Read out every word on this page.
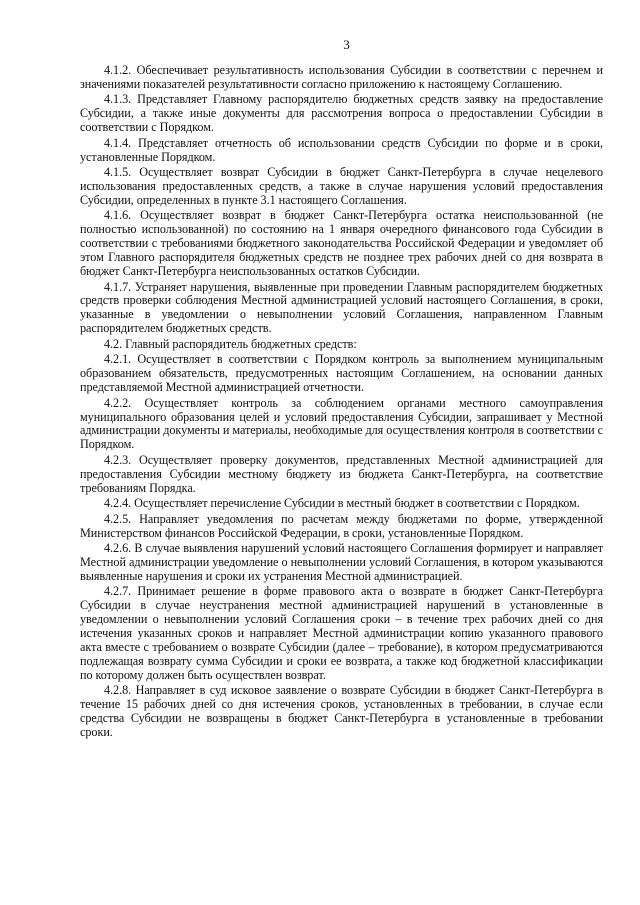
3

4.1.2. Обеспечивает результативность использования Субсидии в соответствии с перечнем и значениями показателей результативности согласно приложению к настоящему Соглашению.

4.1.3. Представляет Главному распорядителю бюджетных средств заявку на предоставление Субсидии, а также иные документы для рассмотрения вопроса о предоставлении Субсидии в соответствии с Порядком.

4.1.4. Представляет отчетность об использовании средств Субсидии по форме и в сроки, установленные Порядком.

4.1.5. Осуществляет возврат Субсидии в бюджет Санкт-Петербурга в случае нецелевого использования предоставленных средств, а также в случае нарушения условий предоставления Субсидии, определенных в пункте 3.1 настоящего Соглашения.

4.1.6. Осуществляет возврат в бюджет Санкт-Петербурга остатка неиспользованной (не полностью использованной) по состоянию на 1 января очередного финансового года Субсидии в соответствии с требованиями бюджетного законодательства Российской Федерации и уведомляет об этом Главного распорядителя бюджетных средств не позднее трех рабочих дней со дня возврата в бюджет Санкт-Петербурга неиспользованных остатков Субсидии.

4.1.7. Устраняет нарушения, выявленные при проведении Главным распорядителем бюджетных средств проверки соблюдения Местной администрацией условий настоящего Соглашения, в сроки, указанные в уведомлении о невыполнении условий Соглашения, направленном Главным распорядителем бюджетных средств.

4.2. Главный распорядитель бюджетных средств:

4.2.1. Осуществляет в соответствии с Порядком контроль за выполнением муниципальным образованием обязательств, предусмотренных настоящим Соглашением, на основании данных представляемой Местной администрацией отчетности.

4.2.2. Осуществляет контроль за соблюдением органами местного самоуправления муниципального образования целей и условий предоставления Субсидии, запрашивает у Местной администрации документы и материалы, необходимые для осуществления контроля в соответствии с Порядком.

4.2.3. Осуществляет проверку документов, представленных Местной администрацией для предоставления Субсидии местному бюджету из бюджета Санкт-Петербурга, на соответствие требованиям Порядка.

4.2.4. Осуществляет перечисление Субсидии в местный бюджет в соответствии с Порядком.

4.2.5. Направляет уведомления по расчетам между бюджетами по форме, утвержденной Министерством финансов Российской Федерации, в сроки, установленные Порядком.

4.2.6. В случае выявления нарушений условий настоящего Соглашения формирует и направляет Местной администрации уведомление о невыполнении условий Соглашения, в котором указываются выявленные нарушения и сроки их устранения Местной администрацией.

4.2.7. Принимает решение в форме правового акта о возврате в бюджет Санкт-Петербурга Субсидии в случае неустранения местной администрацией нарушений в установленные в уведомлении о невыполнении условий Соглашения сроки – в течение трех рабочих дней со дня истечения указанных сроков и направляет Местной администрации копию указанного правового акта вместе с требованием о возврате Субсидии (далее – требование), в котором предусматриваются подлежащая возврату сумма Субсидии и сроки ее возврата, а также код бюджетной классификации по которому должен быть осуществлен возврат.

4.2.8. Направляет в суд исковое заявление о возврате Субсидии в бюджет Санкт-Петербурга в течение 15 рабочих дней со дня истечения сроков, установленных в требовании, в случае если средства Субсидии не возвращены в бюджет Санкт-Петербурга в установленные в требовании сроки.
